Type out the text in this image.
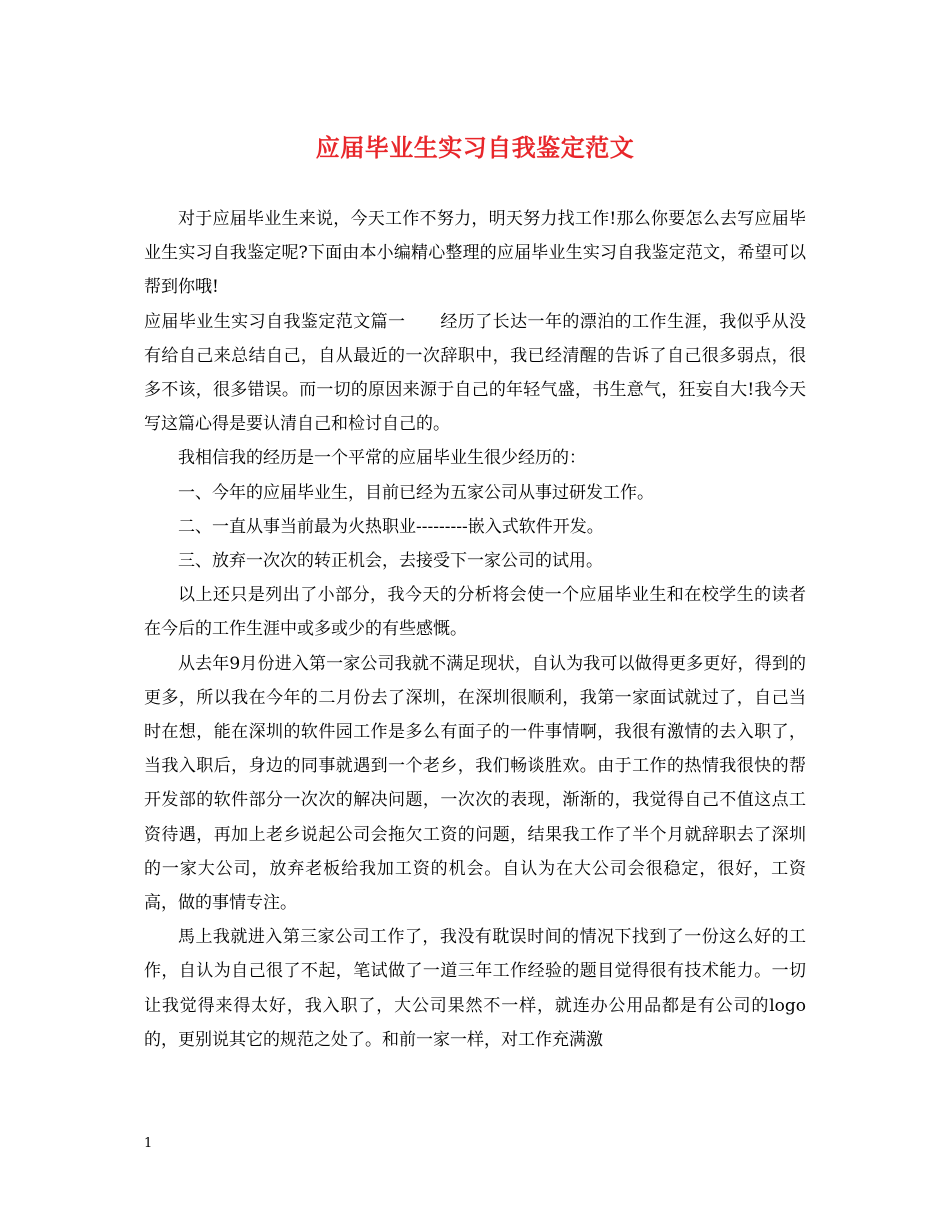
应届毕业生实习自我鉴定范文

对于应届毕业生来说，今天工作不努力，明天努力找工作!那么你要怎么去写应届毕业生实习自我鉴定呢?下面由本小编精心整理的应届毕业生实习自我鉴定范文，希望可以帮到你哦!

应届毕业生实习自我鉴定范文篇一　　经历了长达一年的漂泊的工作生涯，我似乎从没有给自己来总结自己，自从最近的一次辞职中，我已经清醒的告诉了自己很多弱点，很多不该，很多错误。而一切的原因来源于自己的年轻气盛，书生意气，狂妄自大!我今天写这篇心得是要认清自己和检讨自己的。

我相信我的经历是一个平常的应届毕业生很少经历的：

一、今年的应届毕业生，目前已经为五家公司从事过研发工作。

二、一直从事当前最为火热职业---------嵌入式软件开发。

三、放弃一次次的转正机会，去接受下一家公司的试用。

以上还只是列出了小部分，我今天的分析将会使一个应届毕业生和在校学生的读者在今后的工作生涯中或多或少的有些感慨。

从去年9月份进入第一家公司我就不满足现状，自认为我可以做得更多更好，得到的更多，所以我在今年的二月份去了深圳，在深圳很顺利，我第一家面试就过了，自己当时在想，能在深圳的软件园工作是多么有面子的一件事情啊，我很有激情的去入职了，当我入职后，身边的同事就遇到一个老乡，我们畅谈胜欢。由于工作的热情我很快的帮开发部的软件部分一次次的解决问题，一次次的表现，渐渐的，我觉得自己不值这点工资待遇，再加上老乡说起公司会拖欠工资的问题，结果我工作了半个月就辞职去了深圳的一家大公司，放弃老板给我加工资的机会。自认为在大公司会很稳定，很好，工资高，做的事情专注。

馬上我就进入第三家公司工作了，我没有耽误时间的情况下找到了一份这么好的工作，自认为自己很了不起，笔试做了一道三年工作经验的题目觉得很有技术能力。一切让我觉得来得太好，我入职了，大公司果然不一样，就连办公用品都是有公司的logo的，更别说其它的规范之处了。和前一家一样，对工作充满激

1
